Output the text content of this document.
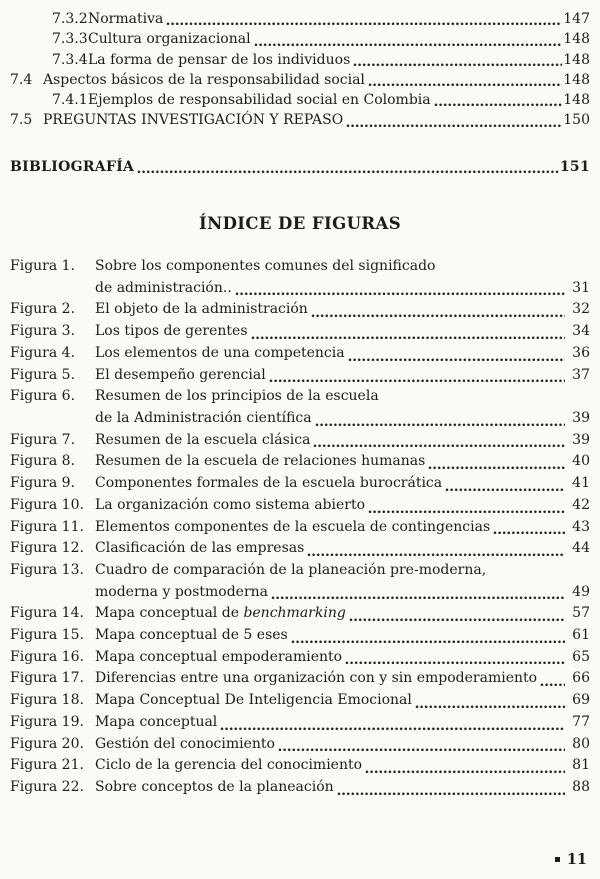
7.3.2 Normativa	147
7.3.3 Cultura organizacional	148
7.3.4 La forma de pensar de los individuos	148
7.4 Aspectos básicos de la responsabilidad social	148
7.4.1 Ejemplos de responsabilidad social en Colombia	148
7.5 PREGUNTAS INVESTIGACIÓN Y REPASO	150
BIBLIOGRAFÍA	151
ÍNDICE DE FIGURAS
Figura 1.	Sobre los componentes comunes del significado
de administración..	31
Figura 2.	El objeto de la administración	32
Figura 3.	Los tipos de gerentes	34
Figura 4.	Los elementos de una competencia	36
Figura 5.	El desempeño gerencial	37
Figura 6.	Resumen de los principios de la escuela
de la Administración científica	39
Figura 7.	Resumen de la escuela clásica	39
Figura 8.	Resumen de la escuela de relaciones humanas	40
Figura 9.	Componentes formales de la escuela burocrática	41
Figura 10. La organización como sistema abierto	42
Figura 11. Elementos componentes de la escuela de contingencias	43
Figura 12. Clasificación de las empresas	44
Figura 13. Cuadro de comparación de la planeación pre-moderna,
moderna y postmoderna	49
Figura 14. Mapa conceptual de benchmarking	57
Figura 15. Mapa conceptual de 5 eses	61
Figura 16. Mapa conceptual empoderamiento	65
Figura 17. Diferencias entre una organización con y sin empoderamiento	66
Figura 18. Mapa Conceptual De Inteligencia Emocional	69
Figura 19. Mapa conceptual	77
Figura 20. Gestión del conocimiento	80
Figura 21. Ciclo de la gerencia del conocimiento	81
Figura 22. Sobre conceptos de la planeación	88
11
